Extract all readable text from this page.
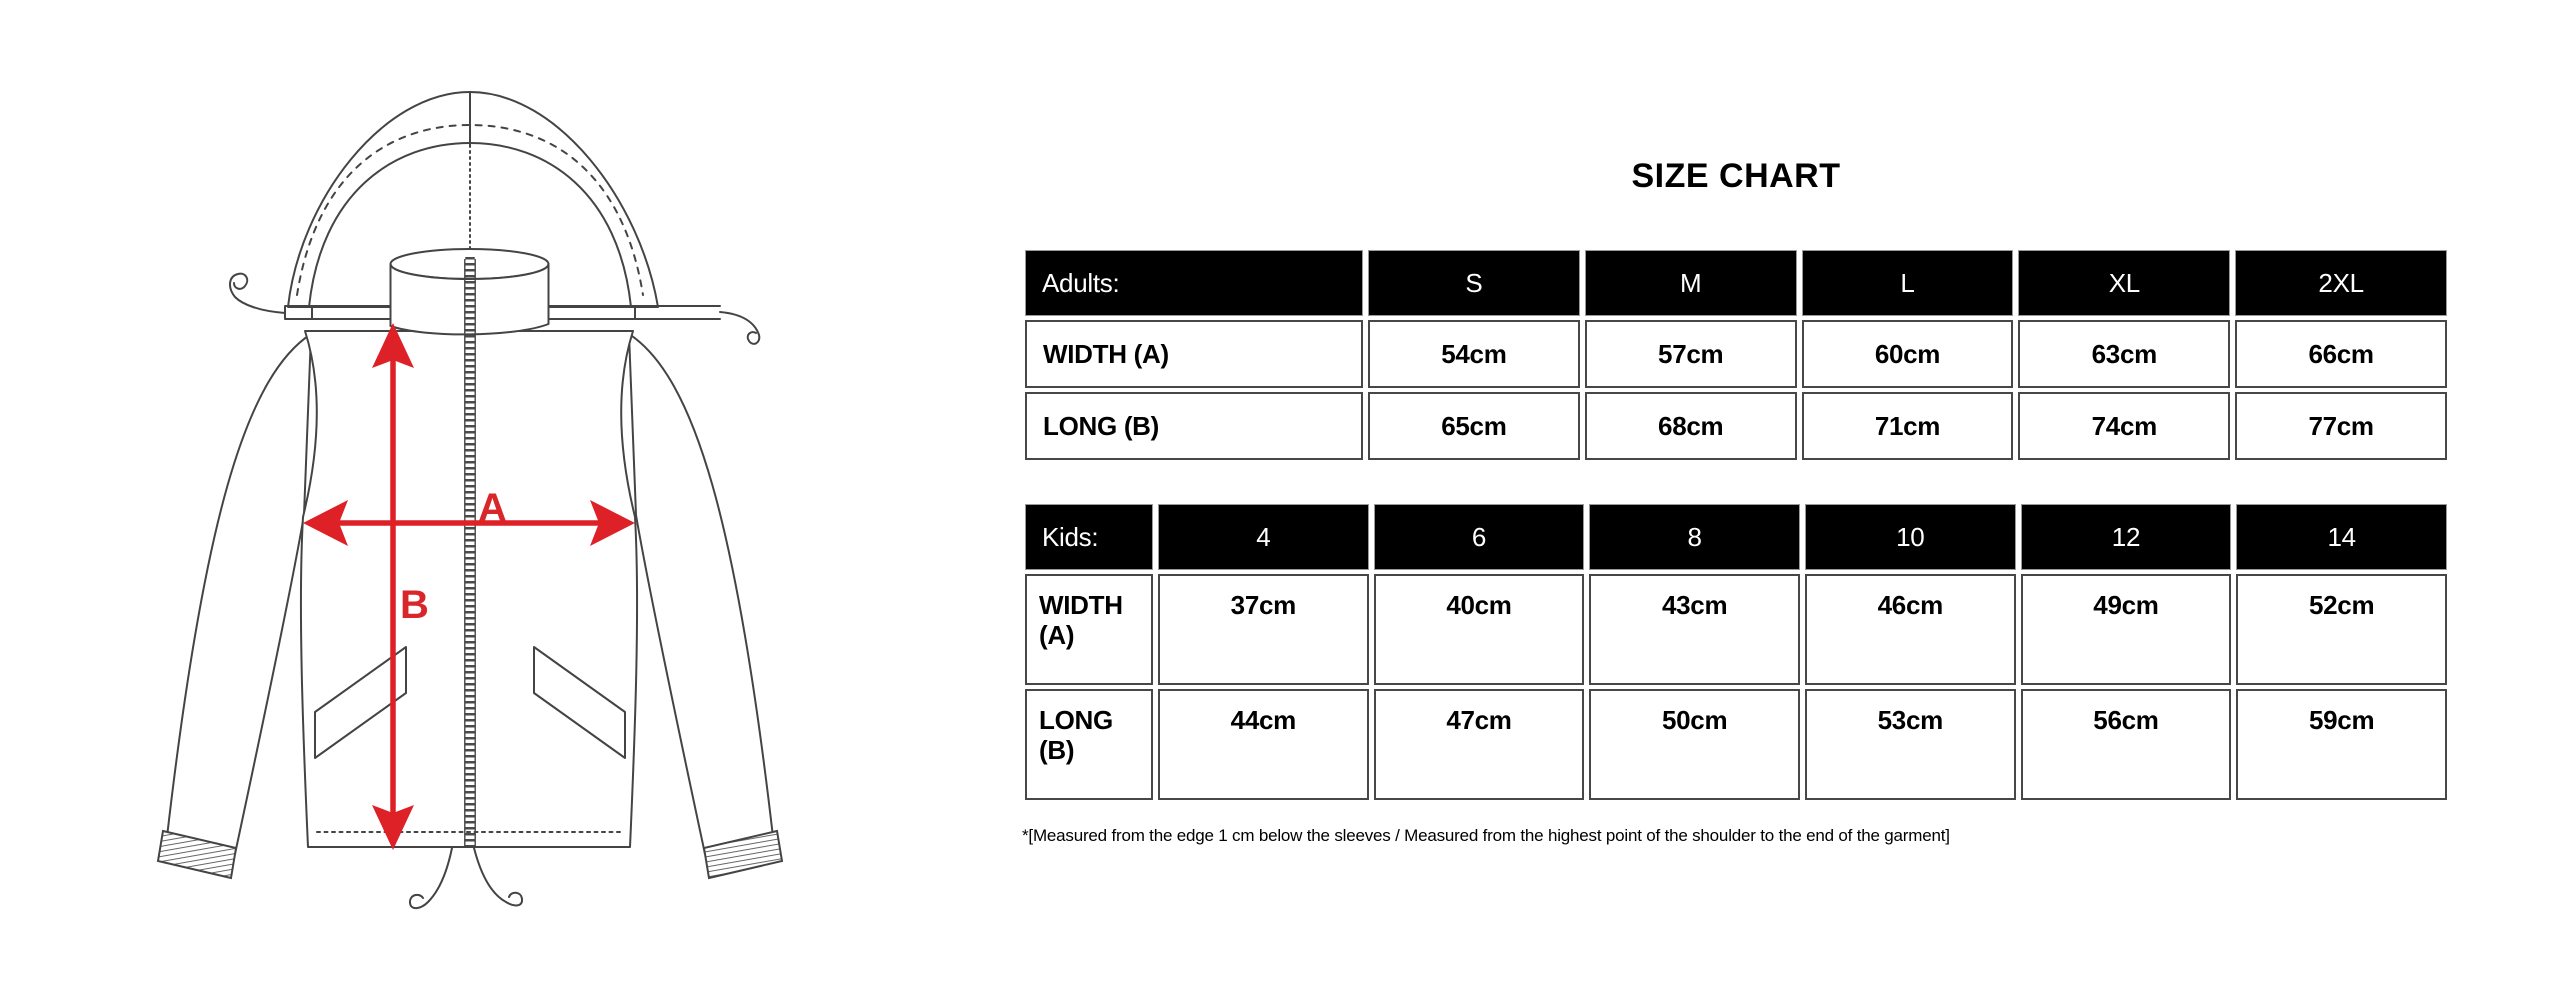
A
B
SIZE CHART
Adults:	S	M	L	XL	2XL
WIDTH (A)	54cm	57cm	60cm	63cm	66cm
LONG (B)	65cm	68cm	71cm	74cm	77cm
Kids:	4	6	8	10	12	14
WIDTH (A)	37cm	40cm	43cm	46cm	49cm	52cm
LONG (B)	44cm	47cm	50cm	53cm	56cm	59cm
*[Measured from the edge 1 cm below the sleeves / Measured from the highest point of the shoulder to the end of the garment]
